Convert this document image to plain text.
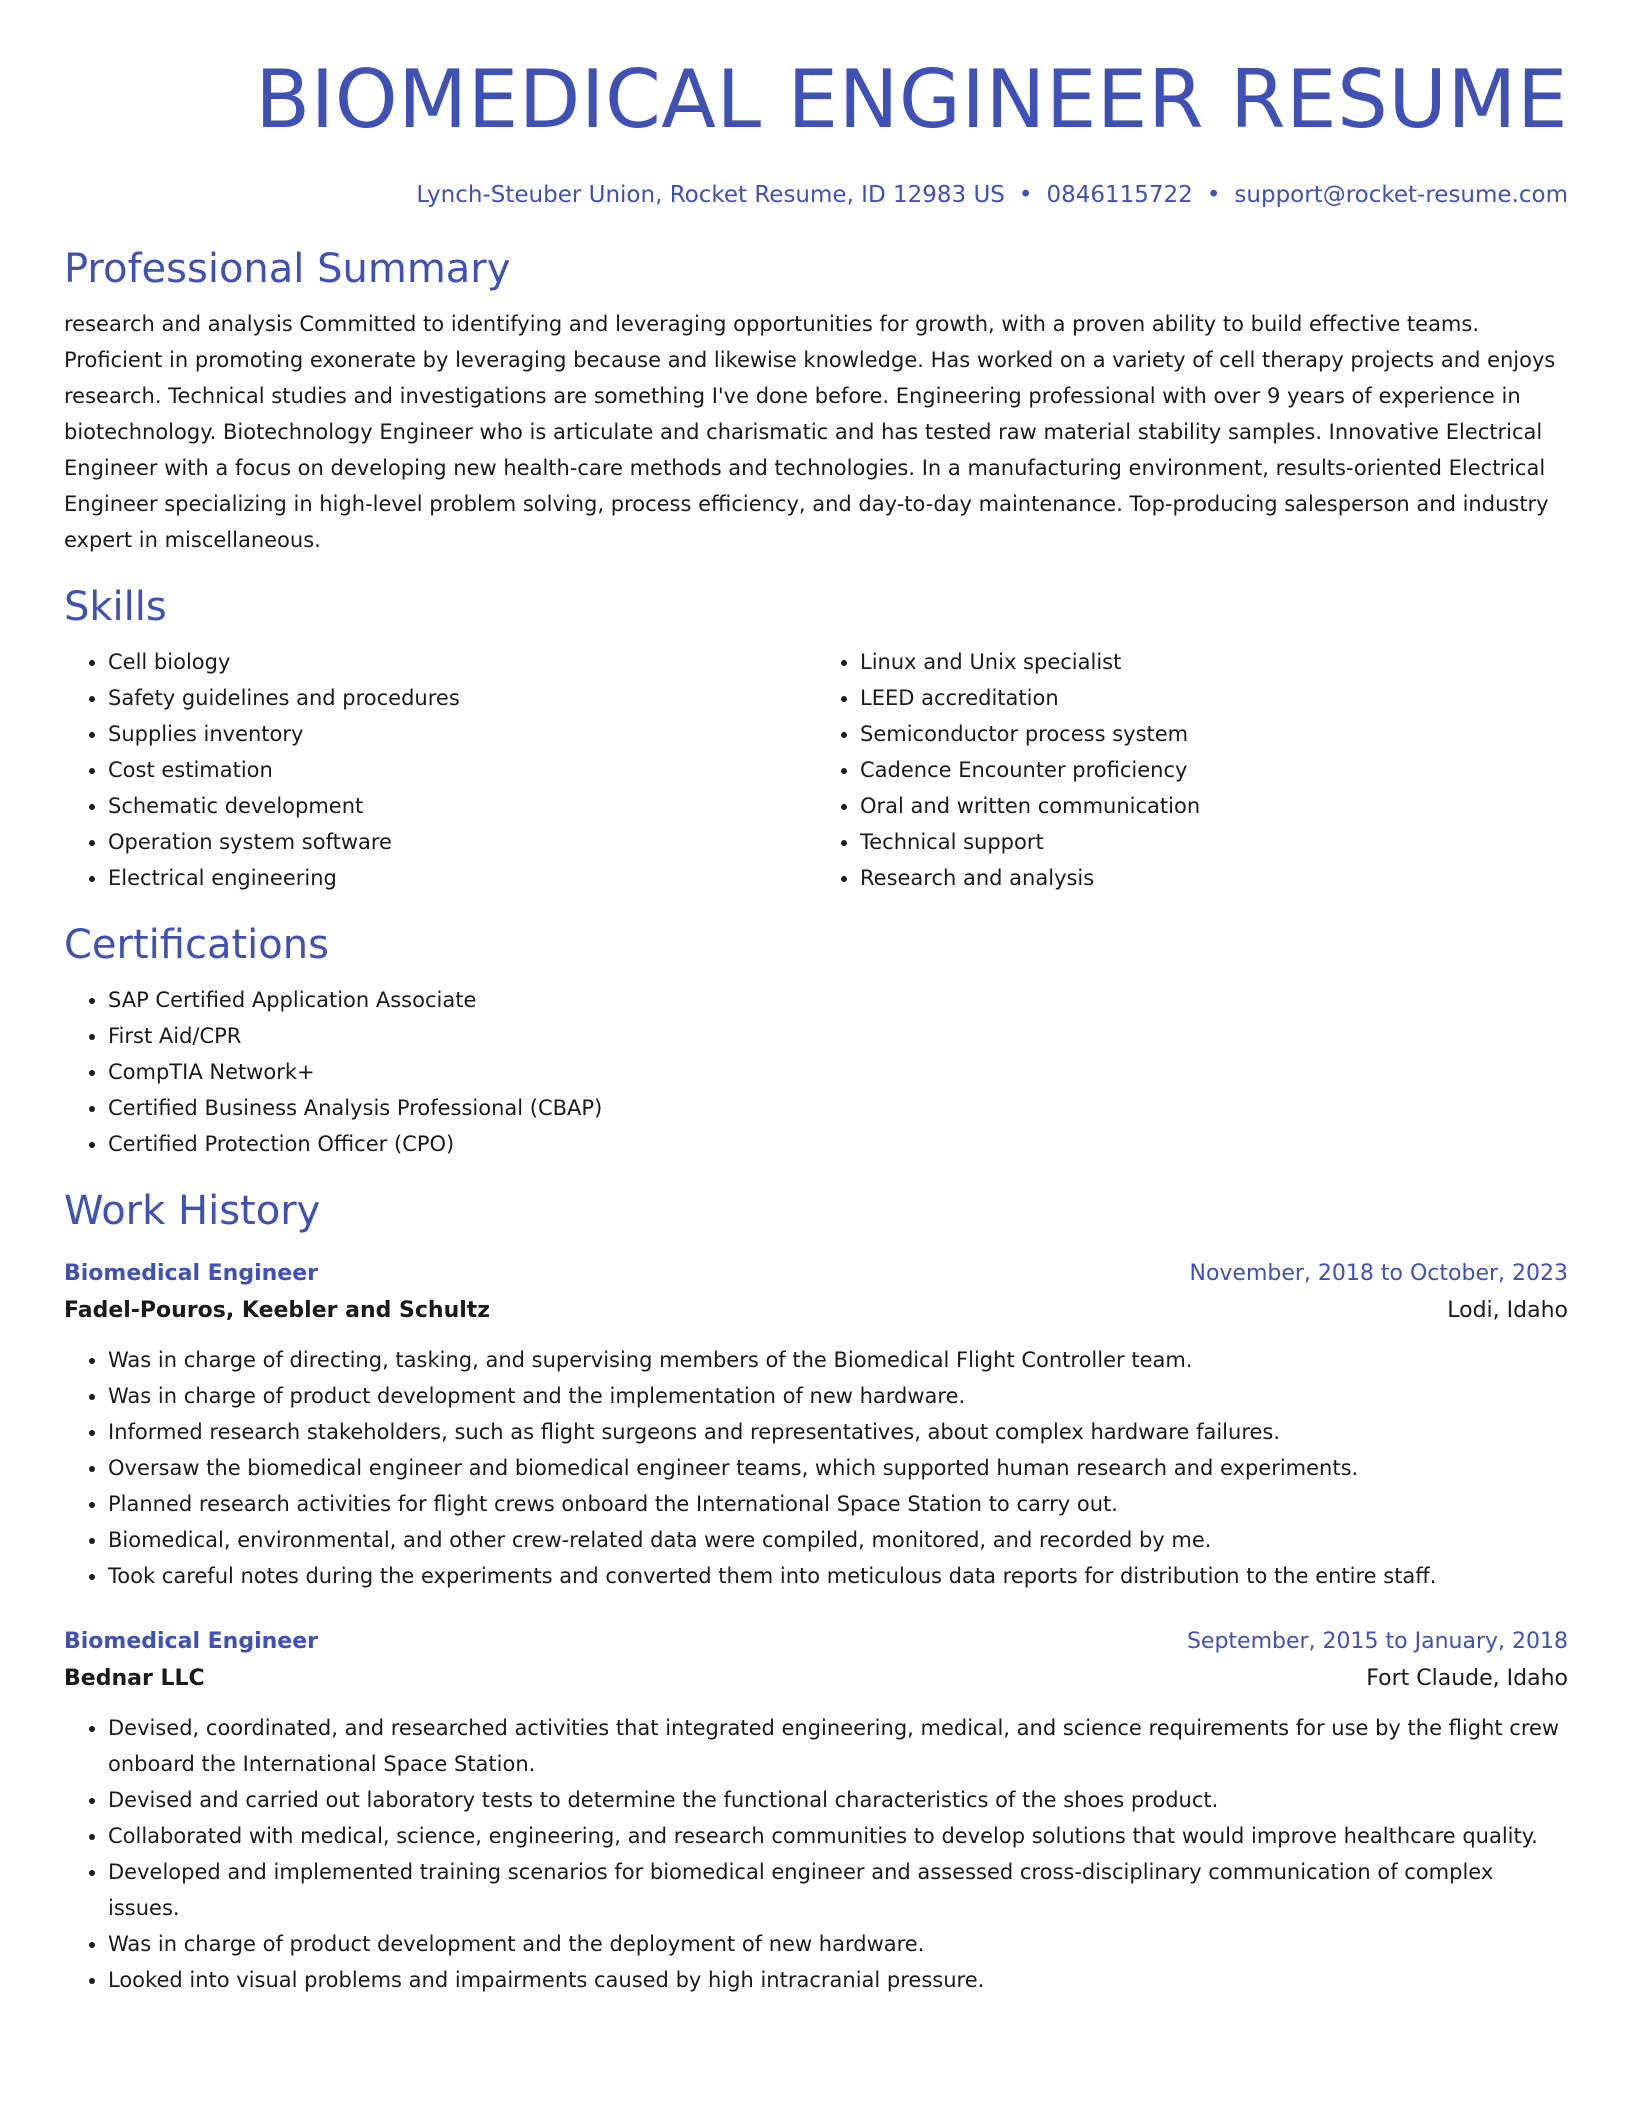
BIOMEDICAL ENGINEER RESUME
Lynch-Steuber Union, Rocket Resume, ID 12983 US • 0846115722 • support@rocket-resume.com
Professional Summary

research and analysis Committed to identifying and leveraging opportunities for growth, with a proven ability to build effective teams. Proficient in promoting exonerate by leveraging because and likewise knowledge. Has worked on a variety of cell therapy projects and enjoys research. Technical studies and investigations are something I've done before. Engineering professional with over 9 years of experience in biotechnology. Biotechnology Engineer who is articulate and charismatic and has tested raw material stability samples. Innovative Electrical Engineer with a focus on developing new health-care methods and technologies. In a manufacturing environment, results-oriented Electrical Engineer specializing in high-level problem solving, process efficiency, and day-to-day maintenance. Top-producing salesperson and industry expert in miscellaneous.

Skills
• Cell biology
• Safety guidelines and procedures
• Supplies inventory
• Cost estimation
• Schematic development
• Operation system software
• Electrical engineering
• Linux and Unix specialist
• LEED accreditation
• Semiconductor process system
• Cadence Encounter proficiency
• Oral and written communication
• Technical support
• Research and analysis
Certifications
• SAP Certified Application Associate
• First Aid/CPR
• CompTIA Network+
• Certified Business Analysis Professional (CBAP)
• Certified Protection Officer (CPO)
Work History
Biomedical Engineer	November, 2018 to October, 2023
Fadel-Pouros, Keebler and Schultz	Lodi, Idaho
• Was in charge of directing, tasking, and supervising members of the Biomedical Flight Controller team.
• Was in charge of product development and the implementation of new hardware.
• Informed research stakeholders, such as flight surgeons and representatives, about complex hardware failures.
• Oversaw the biomedical engineer and biomedical engineer teams, which supported human research and experiments.
• Planned research activities for flight crews onboard the International Space Station to carry out.
• Biomedical, environmental, and other crew-related data were compiled, monitored, and recorded by me.
• Took careful notes during the experiments and converted them into meticulous data reports for distribution to the entire staff.
Biomedical Engineer	September, 2015 to January, 2018
Bednar LLC	Fort Claude, Idaho
• Devised, coordinated, and researched activities that integrated engineering, medical, and science requirements for use by the flight crew onboard the International Space Station.
• Devised and carried out laboratory tests to determine the functional characteristics of the shoes product.
• Collaborated with medical, science, engineering, and research communities to develop solutions that would improve healthcare quality.
• Developed and implemented training scenarios for biomedical engineer and assessed cross-disciplinary communication of complex issues.
• Was in charge of product development and the deployment of new hardware.
• Looked into visual problems and impairments caused by high intracranial pressure.
